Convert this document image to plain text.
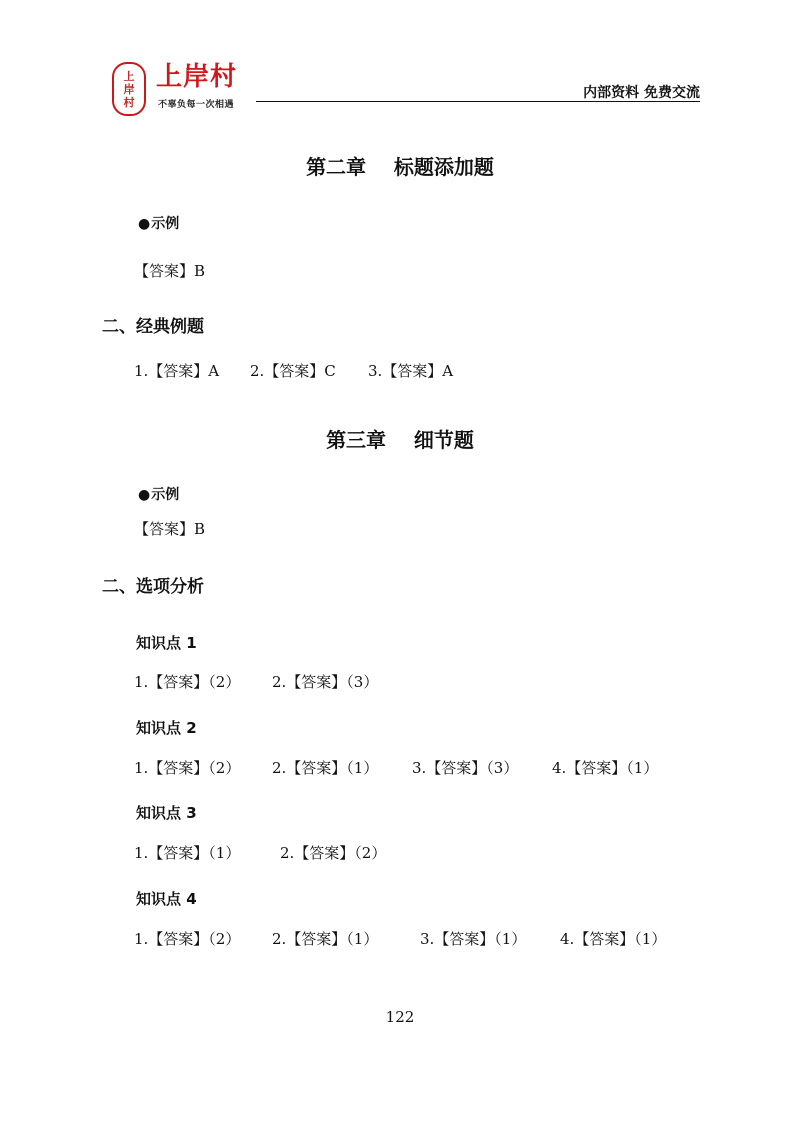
上
岸
村
上岸村
不辜负每一次相遇
内部资料 免费交流
第二章    标题添加题
●示例
【答案】B
二、经典例题
1.【答案】A 2.【答案】C 3.【答案】A
第三章    细节题
●示例
【答案】B
二、选项分析
知识点 1
1.【答案】（2） 2.【答案】（3）
知识点 2
1.【答案】（2） 2.【答案】（1） 3.【答案】（3） 4.【答案】（1）
知识点 3
1.【答案】（1）	2.【答案】（2）
知识点 4
1.【答案】（2） 2.【答案】（1）	3.【答案】（1） 4.【答案】（1）
122
